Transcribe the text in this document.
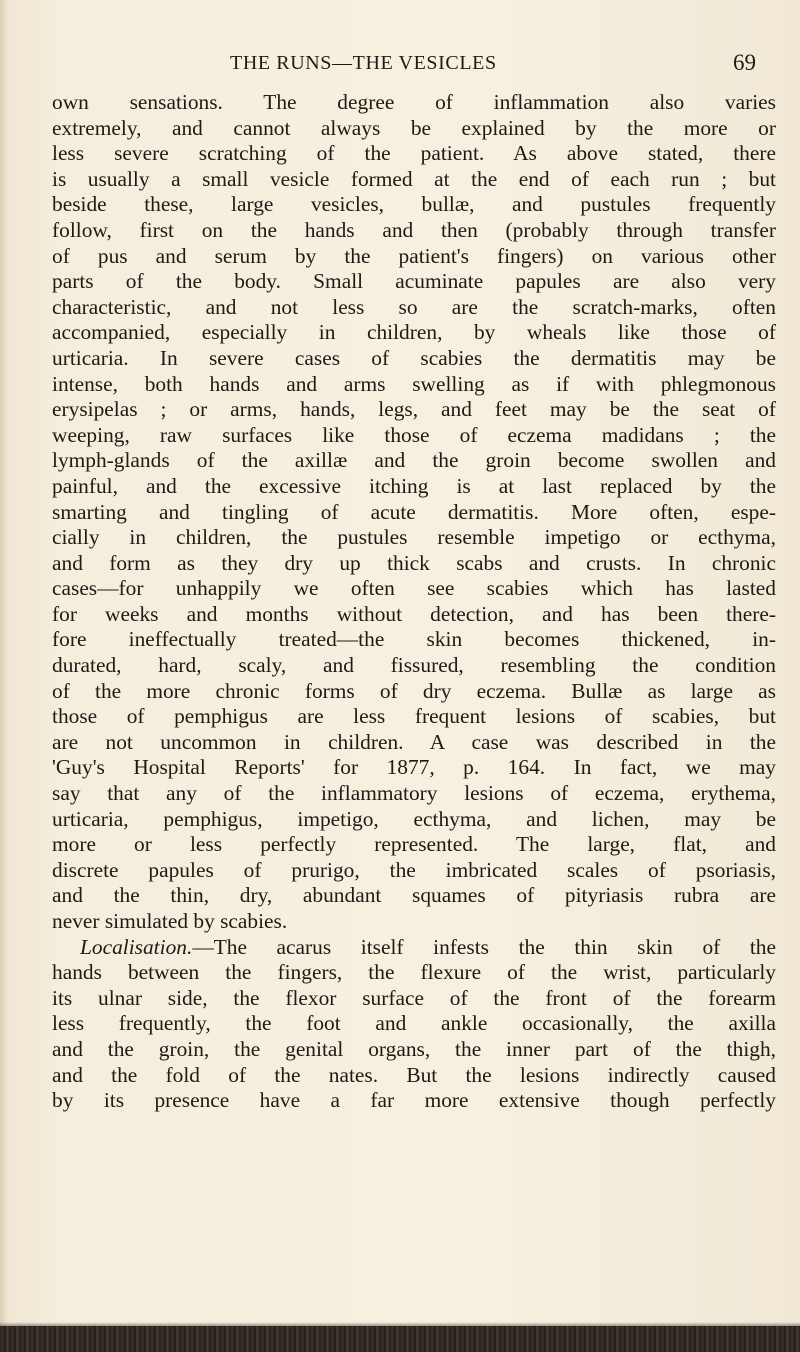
THE RUNS—THE VESICLES	69
own sensations. The degree of inflammation also varies
extremely, and cannot always be explained by the more or
less severe scratching of the patient. As above stated, there
is usually a small vesicle formed at the end of each run ; but
beside these, large vesicles, bullæ, and pustules frequently
follow, first on the hands and then (probably through transfer
of pus and serum by the patient's fingers) on various other
parts of the body. Small acuminate papules are also very
characteristic, and not less so are the scratch-marks, often
accompanied, especially in children, by wheals like those of
urticaria. In severe cases of scabies the dermatitis may be
intense, both hands and arms swelling as if with phlegmonous
erysipelas ; or arms, hands, legs, and feet may be the seat of
weeping, raw surfaces like those of eczema madidans ; the
lymph-glands of the axillæ and the groin become swollen and
painful, and the excessive itching is at last replaced by the
smarting and tingling of acute dermatitis. More often, espe-
cially in children, the pustules resemble impetigo or ecthyma,
and form as they dry up thick scabs and crusts. In chronic
cases—for unhappily we often see scabies which has lasted
for weeks and months without detection, and has been there-
fore ineffectually treated—the skin becomes thickened, in-
durated, hard, scaly, and fissured, resembling the condition
of the more chronic forms of dry eczema. Bullæ as large as
those of pemphigus are less frequent lesions of scabies, but
are not uncommon in children. A case was described in the
'Guy's Hospital Reports' for 1877, p. 164. In fact, we may
say that any of the inflammatory lesions of eczema, erythema,
urticaria, pemphigus, impetigo, ecthyma, and lichen, may be
more or less perfectly represented. The large, flat, and
discrete papules of prurigo, the imbricated scales of psoriasis,
and the thin, dry, abundant squames of pityriasis rubra are
never simulated by scabies.
Localisation.—The acarus itself infests the thin skin of the
hands between the fingers, the flexure of the wrist, particularly
its ulnar side, the flexor surface of the front of the forearm
less frequently, the foot and ankle occasionally, the axilla
and the groin, the genital organs, the inner part of the thigh,
and the fold of the nates. But the lesions indirectly caused
by its presence have a far more extensive though perfectly
